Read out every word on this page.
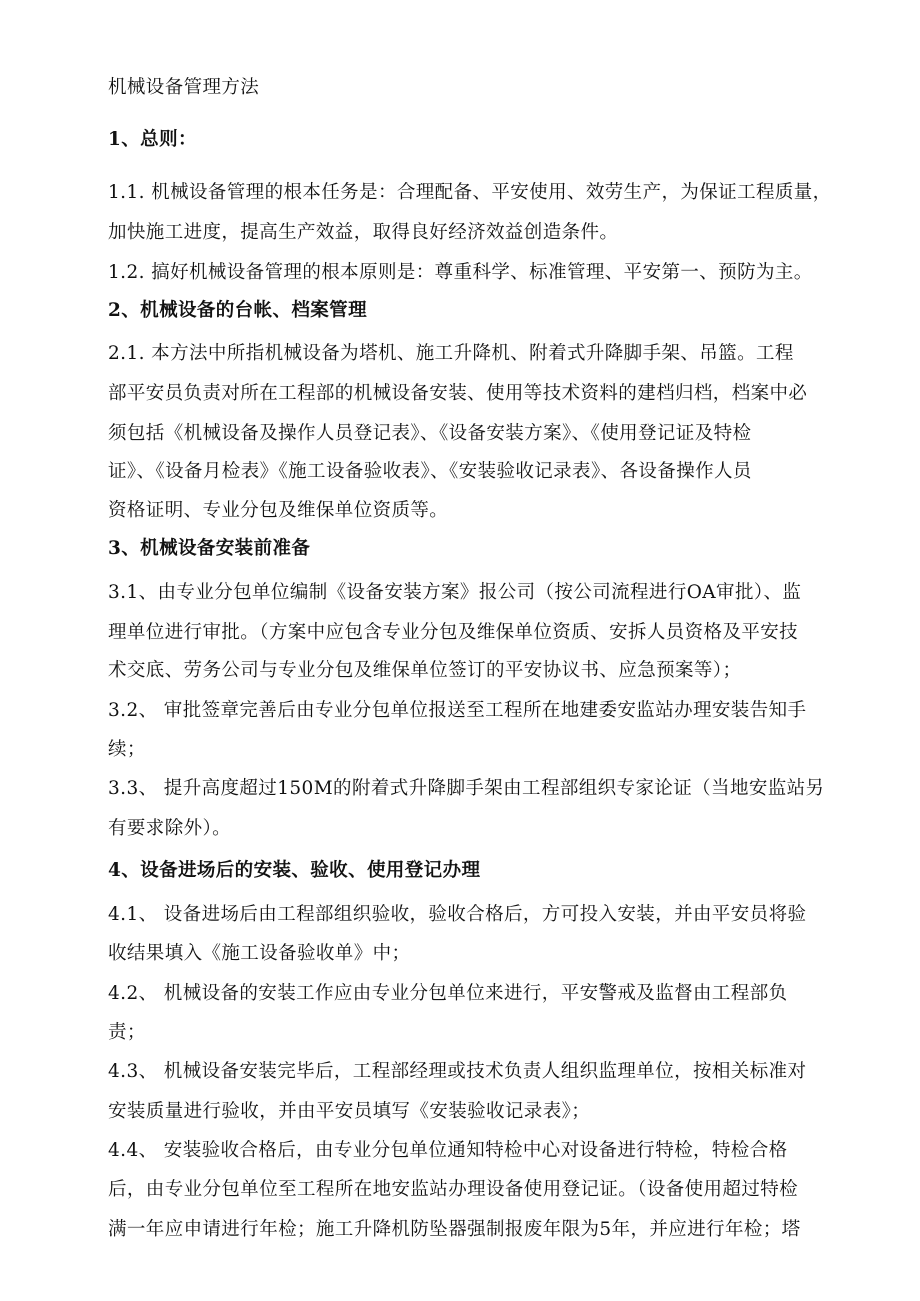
机械设备管理方法
1、总则：
1.1. 机械设备管理的根本任务是：合理配备、平安使用、效劳生产，为保证工程质量，
加快施工进度，提高生产效益，取得良好经济效益创造条件。
1.2. 搞好机械设备管理的根本原则是：尊重科学、标准管理、平安第一、预防为主。
2、机械设备的台帐、档案管理
2.1. 本方法中所指机械设备为塔机、施工升降机、附着式升降脚手架、吊篮。工程
部平安员负责对所在工程部的机械设备安装、使用等技术资料的建档归档，档案中必
须包括《机械设备及操作人员登记表》、《设备安装方案》、《使用登记证及特检
证》、《设备月检表》《施工设备验收表》、《安装验收记录表》、各设备操作人员
资格证明、专业分包及维保单位资质等。
3、机械设备安装前准备
3.1、由专业分包单位编制《设备安装方案》报公司（按公司流程进行OA审批）、监
理单位进行审批。（方案中应包含专业分包及维保单位资质、安拆人员资格及平安技
术交底、劳务公司与专业分包及维保单位签订的平安协议书、应急预案等）；
3.2、 审批签章完善后由专业分包单位报送至工程所在地建委安监站办理安装告知手
续；
3.3、 提升高度超过150M的附着式升降脚手架由工程部组织专家论证（当地安监站另
有要求除外）。
4、设备进场后的安装、验收、使用登记办理
4.1、 设备进场后由工程部组织验收，验收合格后，方可投入安装，并由平安员将验
收结果填入《施工设备验收单》中；
4.2、 机械设备的安装工作应由专业分包单位来进行，平安警戒及监督由工程部负
责；
4.3、 机械设备安装完毕后，工程部经理或技术负责人组织监理单位，按相关标准对
安装质量进行验收，并由平安员填写《安装验收记录表》；
4.4、 安装验收合格后，由专业分包单位通知特检中心对设备进行特检，特检合格
后，由专业分包单位至工程所在地安监站办理设备使用登记证。（设备使用超过特检
满一年应申请进行年检；施工升降机防坠器强制报废年限为5年，并应进行年检；塔
